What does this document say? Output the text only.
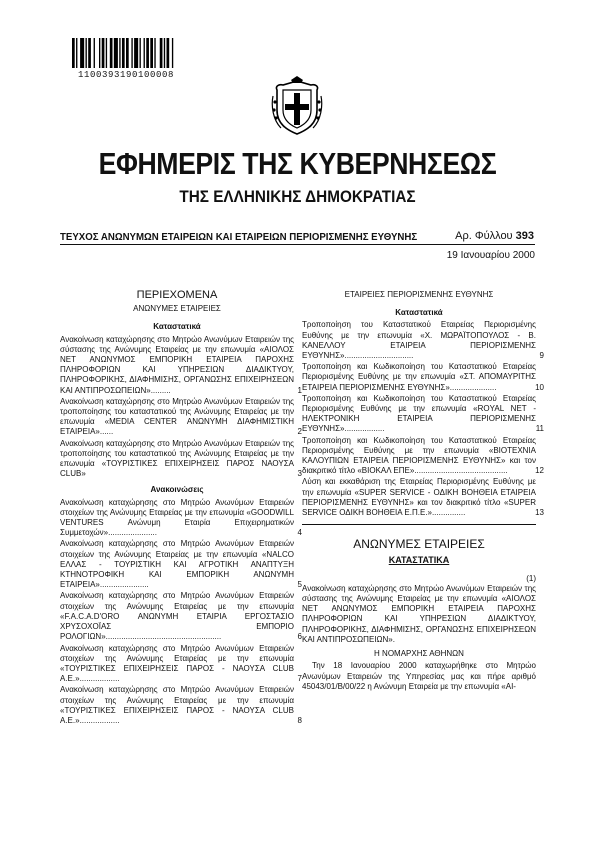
1100393190100008
ΕΦΗΜΕΡΙΣ ΤΗΣ ΚΥΒΕΡΝΗΣΕΩΣ
ΤΗΣ ΕΛΛΗΝΙΚΗΣ ΔΗΜΟΚΡΑΤΙΑΣ
ΤΕΥΧΟΣ ΑΝΩΝΥΜΩΝ ΕΤΑΙΡΕΙΩΝ ΚΑΙ ΕΤΑΙΡΕΙΩΝ ΠΕΡΙΟΡΙΣΜΕΝΗΣ ΕΥΘΥΝΗΣ	Αρ. Φύλλου 393
19 Ιανουαρίου 2000
ΠΕΡΙΕΧΟΜΕΝΑ
ΑΝΩΝΥΜΕΣ ΕΤΑΙΡΕΙΕΣ
Καταστατικά
Ανακοίνωση καταχώρησης στο Μητρώο Ανωνύμων Εταιρειών της σύστασης της Ανώνυμης Εταιρείας με την επωνυμία «ΑΙΟΛΟΣ ΝΕΤ ΑΝΩΝΥΜΟΣ ΕΜΠΟΡΙΚΗ ΕΤΑΙΡΕΙΑ ΠΑΡΟΧΗΣ ΠΛΗΡΟΦΟΡΙΩΝ ΚΑΙ ΥΠΗΡΕΣΙΩΝ ΔΙΑΔΙΚΤΥΟΥ, ΠΛΗΡΟΦΟΡΙΚΗΣ, ΔΙΑΦΗΜΙΣΗΣ, ΟΡΓΑΝΩΣΗΣ ΕΠΙΧΕΙΡΗΣΕΩΝ ΚΑΙ ΑΝΤΙΠΡΟΣΩΠΕΙΩΝ».........	1
Ανακοίνωση καταχώρησης στο Μητρώο Ανωνύμων Εταιρειών της τροποποίησης του καταστατικού της Ανώνυμης Εταιρείας με την επωνυμία «MEDIA CENTER ΑΝΩΝΥΜΗ ΔΙΑΦΗΜΙΣΤΙΚΗ ΕΤΑΙΡΕΙΑ»......	2
Ανακοίνωση καταχώρησης στο Μητρώο Ανωνύμων Εταιρειών της τροποποίησης του καταστατικού της Ανώνυμης Εταιρείας με την επωνυμία «ΤΟΥΡΙΣΤΙΚΕΣ ΕΠΙΧΕΙΡΗΣΕΙΣ ΠΑΡΟΣ ΝΑΟΥΣΑ CLUB»	3
Ανακοινώσεις
Ανακοίνωση καταχώρησης στο Μητρώο Ανωνύμων Εταιρειών στοιχείων της Ανώνυμης Εταιρείας με την επωνυμία «GOODWILL VENTURES Ανώνυμη Εταιρία Επιχειρηματικών Συμμετοχών»......................	4
Ανακοίνωση καταχώρησης στο Μητρώο Ανωνύμων Εταιρειών στοιχείων της Ανώνυμης Εταιρείας με την επωνυμία «NALCO ΕΛΛΑΣ - ΤΟΥΡΙΣΤΙΚΗ ΚΑΙ ΑΓΡΟΤΙΚΗ ΑΝΑΠΤΥΞΗ ΚΤΗΝΟΤΡΟΦΙΚΗ ΚΑΙ ΕΜΠΟΡΙΚΗ ΑΝΩΝΥΜΗ ΕΤΑΙΡΕΙΑ»......................	5
Ανακοίνωση καταχώρησης στο Μητρώο Ανωνύμων Εταιρειών στοιχείων της Ανώνυμης Εταιρείας με την επωνυμία «F.A.C.A.D'ORO ΑΝΩΝΥΜΗ ΕΤΑΙΡΙΑ ΕΡΓΟΣΤΑΣΙΟ ΧΡΥΣΟΧΟΪΑΣ ΕΜΠΟΡΙΟ ΡΟΛΟΓΙΩΝ»....................................................	6
Ανακοίνωση καταχώρησης στο Μητρώο Ανωνύμων Εταιρειών στοιχείων της Ανώνυμης Εταιρείας με την επωνυμία «ΤΟΥΡΙΣΤΙΚΕΣ ΕΠΙΧΕΙΡΗΣΕΙΣ ΠΑΡΟΣ - ΝΑΟΥΣΑ CLUB A.E.»..................	7
Ανακοίνωση καταχώρησης στο Μητρώο Ανωνύμων Εταιρειών στοιχείων της Ανώνυμης Εταιρείας με την επωνυμία «ΤΟΥΡΙΣΤΙΚΕΣ ΕΠΙΧΕΙΡΗΣΕΙΣ ΠΑΡΟΣ - ΝΑΟΥΣΑ CLUB A.E.»..................	8
ΕΤΑΙΡΕΙΕΣ ΠΕΡΙΟΡΙΣΜΕΝΗΣ ΕΥΘΥΝΗΣ
Καταστατικά
Τροποποίηση του Καταστατικού Εταιρείας Περιορισμένης Ευθύνης με την επωνυμία «Χ. ΜΩΡΑΪΤΟΠΟΥΛΟΣ - Β. ΚΑΝΕΛΛΟΥ ΕΤΑΙΡΕΙΑ ΠΕΡΙΟΡΙΣΜΕΝΗΣ ΕΥΘΥΝΗΣ»...............................	9
Τροποποίηση και Κωδικοποίηση του Καταστατικού Εταιρείας Περιορισμένης Ευθύνης με την επωνυμία «ΣΤ. ΑΠΟΜΑΥΡΙΤΗΣ ΕΤΑΙΡΕΙΑ ΠΕΡΙΟΡΙΣΜΕΝΗΣ ΕΥΘΥΝΗΣ».....................	10
Τροποποίηση και Κωδικοποίηση του Καταστατικού Εταιρείας Περιορισμένης Ευθύνης με την επωνυμία «ROYAL NET - ΗΛΕΚΤΡΟΝΙΚΗ ΕΤΑΙΡΕΙΑ ΠΕΡΙΟΡΙΣΜΕΝΗΣ ΕΥΘΥΝΗΣ»..................	11
Τροποποίηση και Κωδικοποίηση του Καταστατικού Εταιρείας Περιορισμένης Ευθύνης με την επωνυμία «ΒΙΟΤΕΧΝΙΑ ΚΑΛΟΥΠΙΩΝ ΕΤΑΙΡΕΙΑ ΠΕΡΙΟΡΙΣΜΕΝΗΣ ΕΥΘΥΝΗΣ» και τον διακριτικό τίτλο «ΒΙΟΚΑΛ ΕΠΕ»..........................................	12
Λύση και εκκαθάριση της Εταιρείας Περιορισμένης Ευθύνης με την επωνυμία «SUPER SERVICE - ΟΔΙΚΗ ΒΟΗΘΕΙΑ ΕΤΑΙΡΕΙΑ ΠΕΡΙΟΡΙΣΜΕΝΗΣ ΕΥΘΥΝΗΣ» και τον διακριτικό τίτλο «SUPER SERVICE ΟΔΙΚΗ ΒΟΗΘΕΙΑ Ε.Π.Ε.»...............	13
ΑΝΩΝΥΜΕΣ ΕΤΑΙΡΕΙΕΣ
ΚΑΤΑΣΤΑΤΙΚΑ
(1)
Ανακοίνωση καταχώρησης στο Μητρώο Ανωνύμων Εταιρειών της σύστασης της Ανώνυμης Εταιρείας με την επωνυμία «ΑΙΟΛΟΣ ΝΕΤ ΑΝΩΝΥΜΟΣ ΕΜΠΟΡΙΚΗ ΕΤΑΙΡΕΙΑ ΠΑΡΟΧΗΣ ΠΛΗΡΟΦΟΡΙΩΝ ΚΑΙ ΥΠΗΡΕΣΙΩΝ ΔΙΑΔΙΚΤΥΟΥ, ΠΛΗΡΟΦΟΡΙΚΗΣ, ΔΙΑΦΗΜΙΣΗΣ, ΟΡΓΑΝΩΣΗΣ ΕΠΙΧΕΙΡΗΣΕΩΝ ΚΑΙ ΑΝΤΙΠΡΟΣΩΠΕΙΩΝ».
Η ΝΟΜΑΡΧΗΣ ΑΘΗΝΩΝ
Την 18 Ιανουαρίου 2000 καταχωρήθηκε στο Μητρώο Ανωνύμων Εταιρειών της Υπηρεσίας μας και πήρε αριθμό 45043/01/Β/00/22 η Ανώνυμη Εταιρεία με την επωνυμία «ΑΙ-
